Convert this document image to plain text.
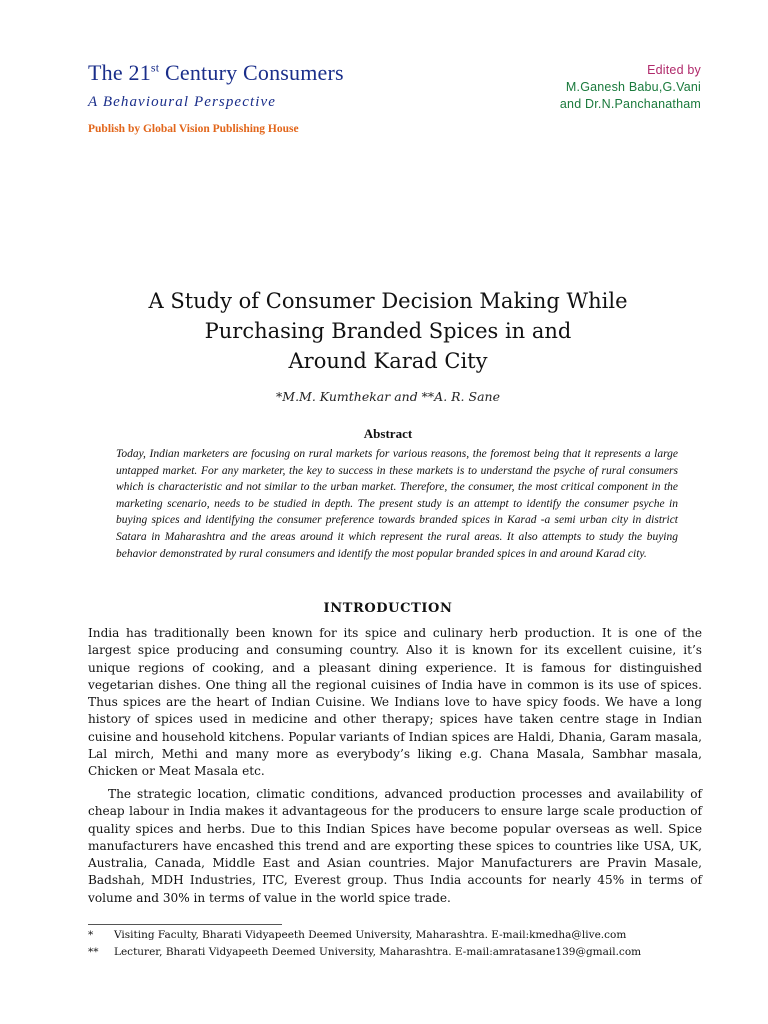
The 21st Century Consumers
A Behavioural Perspective
Publish by Global Vision Publishing House
Edited by
M.Ganesh Babu,G.Vani
and Dr.N.Panchanatham
A Study of Consumer Decision Making While
Purchasing Branded Spices in and
Around Karad City
*M.M. Kumthekar and **A. R. Sane
Abstract
Today, Indian marketers are focusing on rural markets for various reasons, the foremost being that it represents a large untapped market. For any marketer, the key to success in these markets is to understand the psyche of rural consumers which is characteristic and not similar to the urban market. Therefore, the consumer, the most critical component in the marketing scenario, needs to be studied in depth. The present study is an attempt to identify the consumer psyche in buying spices and identifying the consumer preference towards branded spices in Karad -a semi urban city in district Satara in Maharashtra and the areas around it which represent the rural areas. It also attempts to study the buying behavior demonstrated by rural consumers and identify the most popular branded spices in and around Karad city.
INTRODUCTION
India has traditionally been known for its spice and culinary herb production. It is one of the largest spice producing and consuming country. Also it is known for its excellent cuisine, it’s unique regions of cooking, and a pleasant dining experience. It is famous for distinguished vegetarian dishes. One thing all the regional cuisines of India have in common is its use of spices. Thus spices are the heart of Indian Cuisine. We Indians love to have spicy foods. We have a long history of spices used in medicine and other therapy; spices have taken centre stage in Indian cuisine and household kitchens. Popular variants of Indian spices are Haldi, Dhania, Garam masala, Lal mirch, Methi and many more as everybody’s liking e.g. Chana Masala, Sambhar masala, Chicken or Meat Masala etc.
The strategic location, climatic conditions, advanced production processes and availability of cheap labour in India makes it advantageous for the producers to ensure large scale production of quality spices and herbs. Due to this Indian Spices have become popular overseas as well. Spice manufacturers have encashed this trend and are exporting these spices to countries like USA, UK, Australia, Canada, Middle East and Asian countries. Major Manufacturers are Pravin Masale, Badshah, MDH Industries, ITC, Everest group. Thus India accounts for nearly 45% in terms of volume and 30% in terms of value in the world spice trade.
* Visiting Faculty, Bharati Vidyapeeth Deemed University, Maharashtra. E-mail:kmedha@live.com
** Lecturer, Bharati Vidyapeeth Deemed University, Maharashtra. E-mail:amratasane139@gmail.com
